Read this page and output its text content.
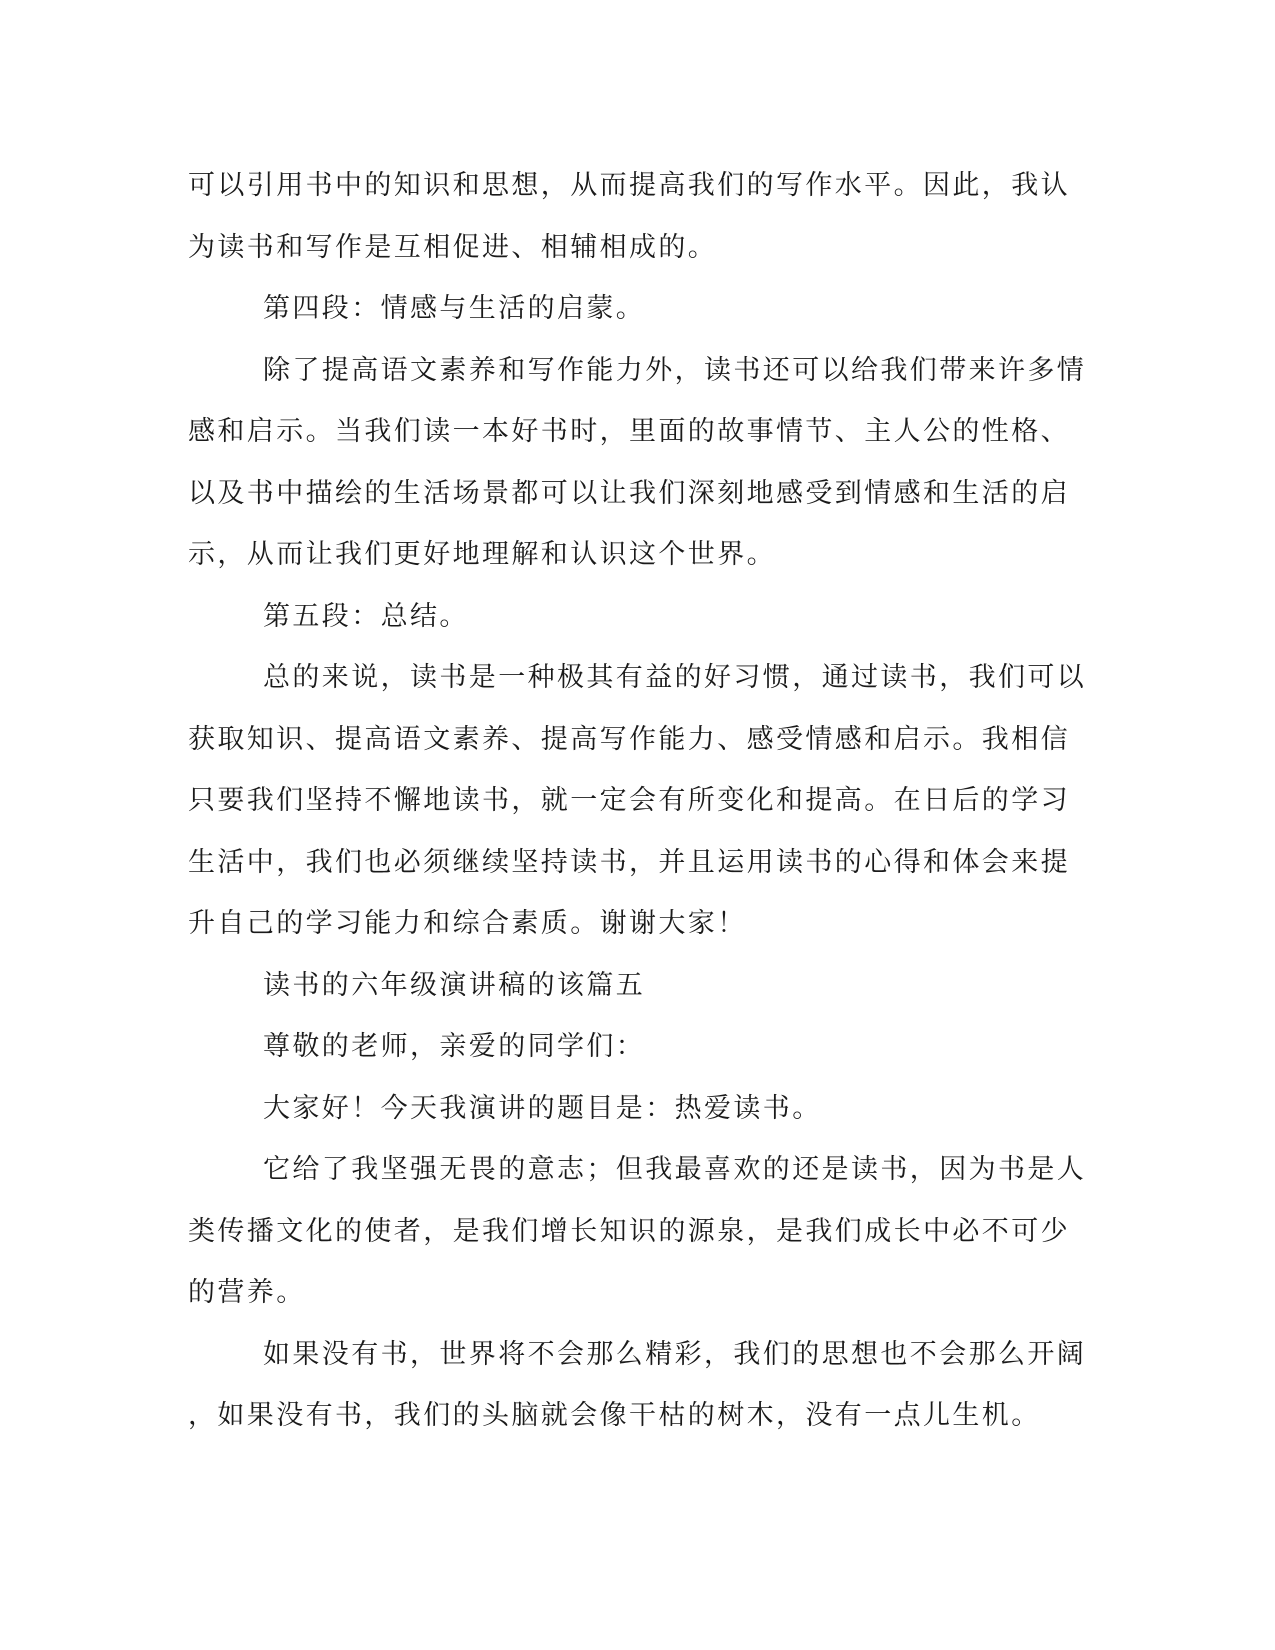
可以引用书中的知识和思想，从而提高我们的写作水平。因此，我认
为读书和写作是互相促进、相辅相成的。
第四段：情感与生活的启蒙。
除了提高语文素养和写作能力外，读书还可以给我们带来许多情
感和启示。当我们读一本好书时，里面的故事情节、主人公的性格、
以及书中描绘的生活场景都可以让我们深刻地感受到情感和生活的启
示，从而让我们更好地理解和认识这个世界。
第五段：总结。
总的来说，读书是一种极其有益的好习惯，通过读书，我们可以
获取知识、提高语文素养、提高写作能力、感受情感和启示。我相信
只要我们坚持不懈地读书，就一定会有所变化和提高。在日后的学习
生活中，我们也必须继续坚持读书，并且运用读书的心得和体会来提
升自己的学习能力和综合素质。谢谢大家！
读书的六年级演讲稿的该篇五
尊敬的老师，亲爱的同学们：
大家好！今天我演讲的题目是：热爱读书。
它给了我坚强无畏的意志；但我最喜欢的还是读书，因为书是人
类传播文化的使者，是我们增长知识的源泉，是我们成长中必不可少
的营养。
如果没有书，世界将不会那么精彩，我们的思想也不会那么开阔
，如果没有书，我们的头脑就会像干枯的树木，没有一点儿生机。
